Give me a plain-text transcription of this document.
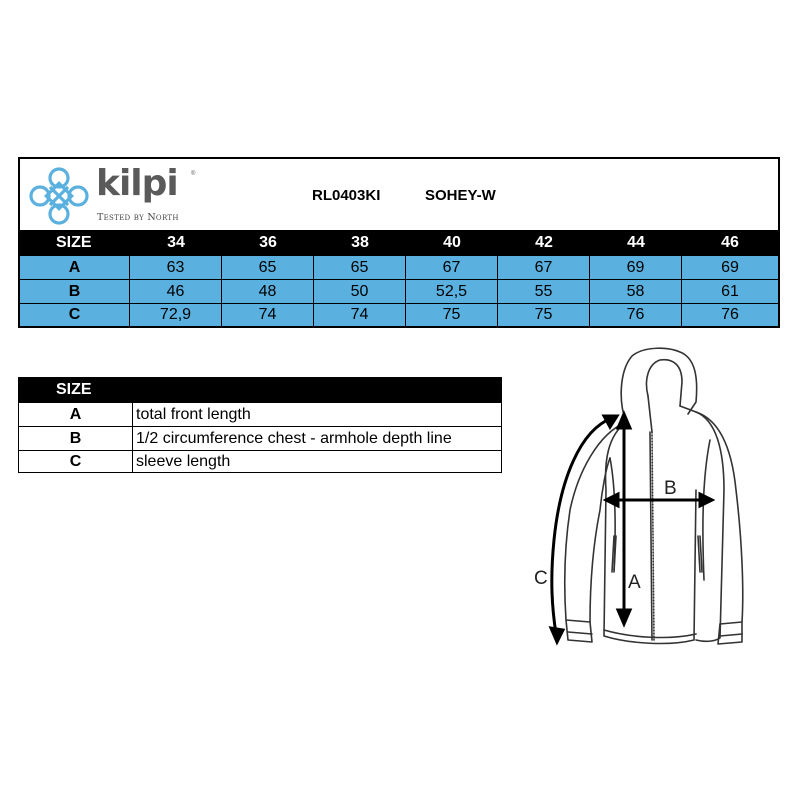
kilpi ®
Tested by North
RL0403KI	SOHEY-W
SIZE	34	36	38	40	42	44	46
A	63	65	65	67	67	69	69
B	46	48	50	52,5	55	58	61
C	72,9	74	74	75	75	76	76
SIZE
A	total front length
B	1/2 circumference chest - armhole depth line
C	sleeve length
A
B
C
